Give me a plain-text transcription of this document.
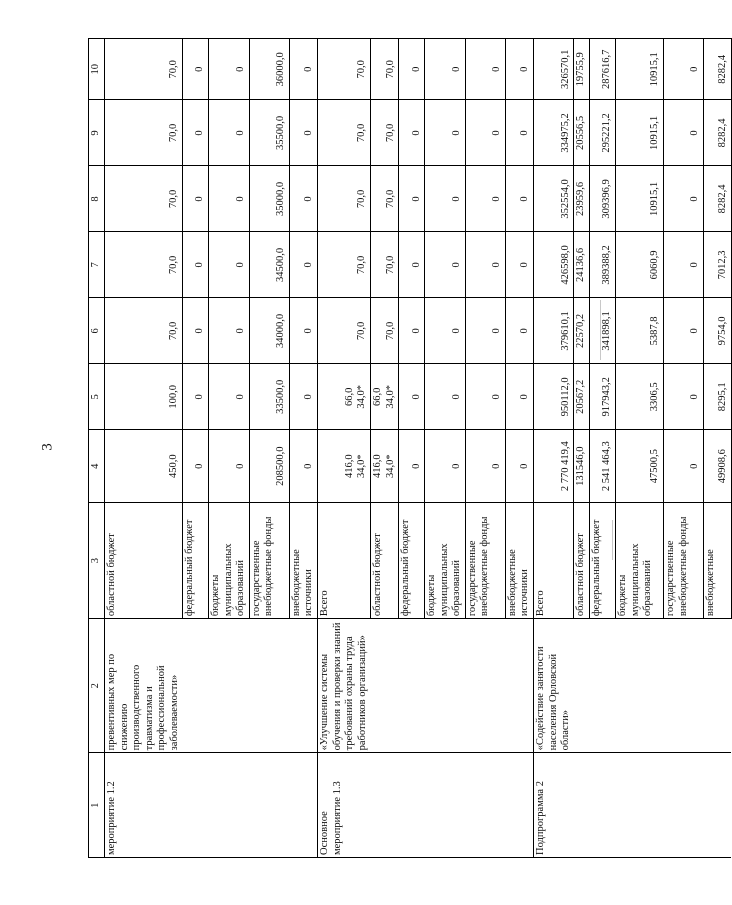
3
1	2	3	4	5	6	7	8	9	10
мероприятие 1.2	превентивных мер по снижению производственного травматизма и профессиональной заболеваемости»	областной бюджет	450,0	100,0	70,0	70,0	70,0	70,0	70,0
		федеральный бюджет	0	0	0	0	0	0	0
		бюджеты муниципальных образований	0	0	0	0	0	0	0
		государственные внебюджетные фонды	208500,0	33500,0	34000,0	34500,0	35000,0	35500,0	36000,0
		внебюджетные источники	0	0	0	0	0	0	0
Основное мероприятие 1.3	«Улучшение системы обучения и проверки знаний требований охраны труда работников организаций»	Всего	416,0 34,0*	66,0 34,0*	70,0	70,0	70,0	70,0	70,0
		областной бюджет	416,0 34,0*	66,0 34,0*	70,0	70,0	70,0	70,0	70,0
		федеральный бюджет	0	0	0	0	0	0	0
		бюджеты муниципальных образований	0	0	0	0	0	0	0
		государственные внебюджетные фонды	0	0	0	0	0	0	0
		внебюджетные источники	0	0	0	0	0	0	0
Подпрограмма 2	«Содействие занятости населения Орловской области»	Всего	2 770 419,4	950112,0	379610,1	426598,0	352554,0	334975,2	326570,1
		областной бюджет	131546,0	20567,2	22570,2	24136,6	23959,6	20556,5	19755,9
		федеральный бюджет	2 541 464,3	917943,2	341898,1	389388,2	309396,9	295221,2	287616,7
		бюджеты муниципальных образований	47500,5	3306,5	5387,8	6060,9	10915,1	10915,1	10915,1
		государственные внебюджетные фонды	0	0	0	0	0	0	0
		внебюджетные	49908,6	8295,1	9754,0	7012,3	8282,4	8282,4	8282,4
